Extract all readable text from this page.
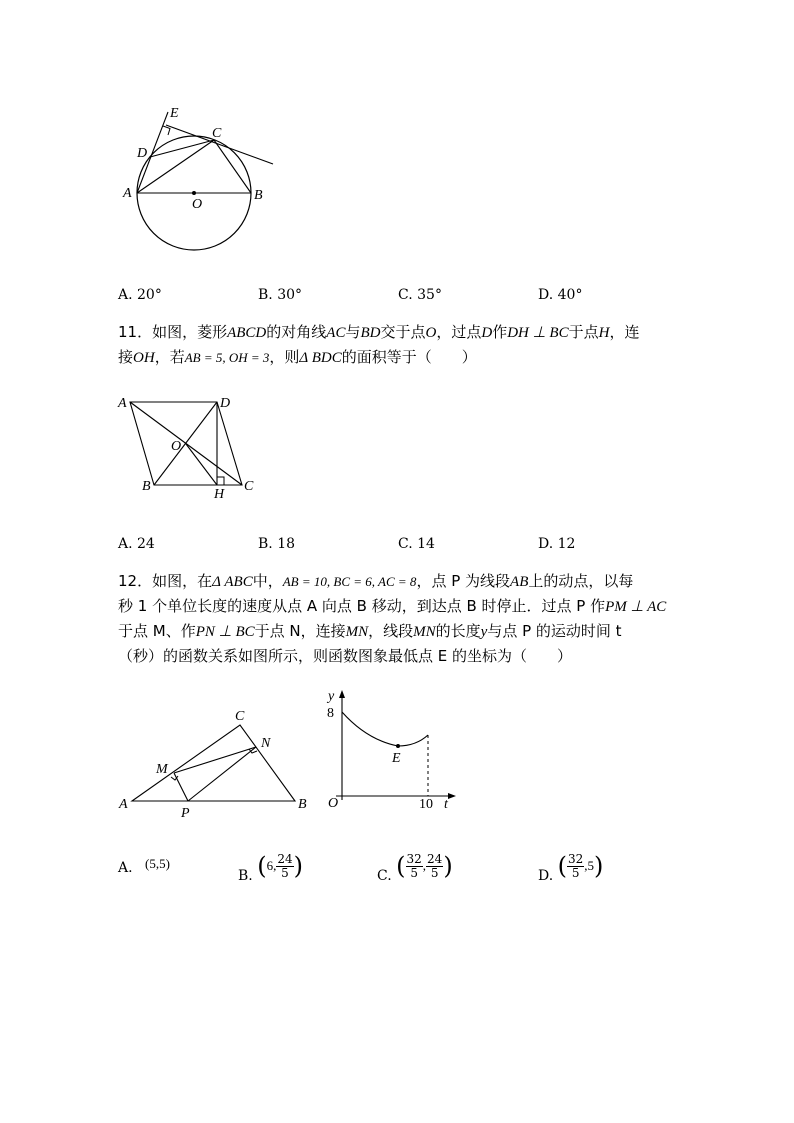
E
C
D
A
O
B
A. 20°	B. 30°	C. 35°	D. 40°
11．如图，菱形ABCD的对角线AC与BD交于点O，过点D作DH ⊥ BC于点H，连
接OH，若AB = 5, OH = 3，则Δ BDC的面积等于（　　）
A	D
O
B
H
C
A. 24	B. 18	C. 14	D. 12
12．如图，在Δ ABC中，AB = 10, BC = 6, AC = 8，点 P 为线段AB上的动点，以每
秒 1 个单位长度的速度从点 A 向点 B 移动，到达点 B 时停止．过点 P 作PM ⊥ AC
于点 M、作PN ⊥ BC于点 N，连接MN，线段MN的长度y与点 P 的运动时间 t
（秒）的函数关系如图所示，则函数图象最低点 E 的坐标为（　　）
C
N
M
A
P
B
y
8
E
O	10 t
A. (5,5)
B. (6, $\frac{24}{5}$ )	C. ( $\frac{32}{5}$ , $\frac{24}{5}$ )	D. ( $\frac{32}{5} ,5$)
